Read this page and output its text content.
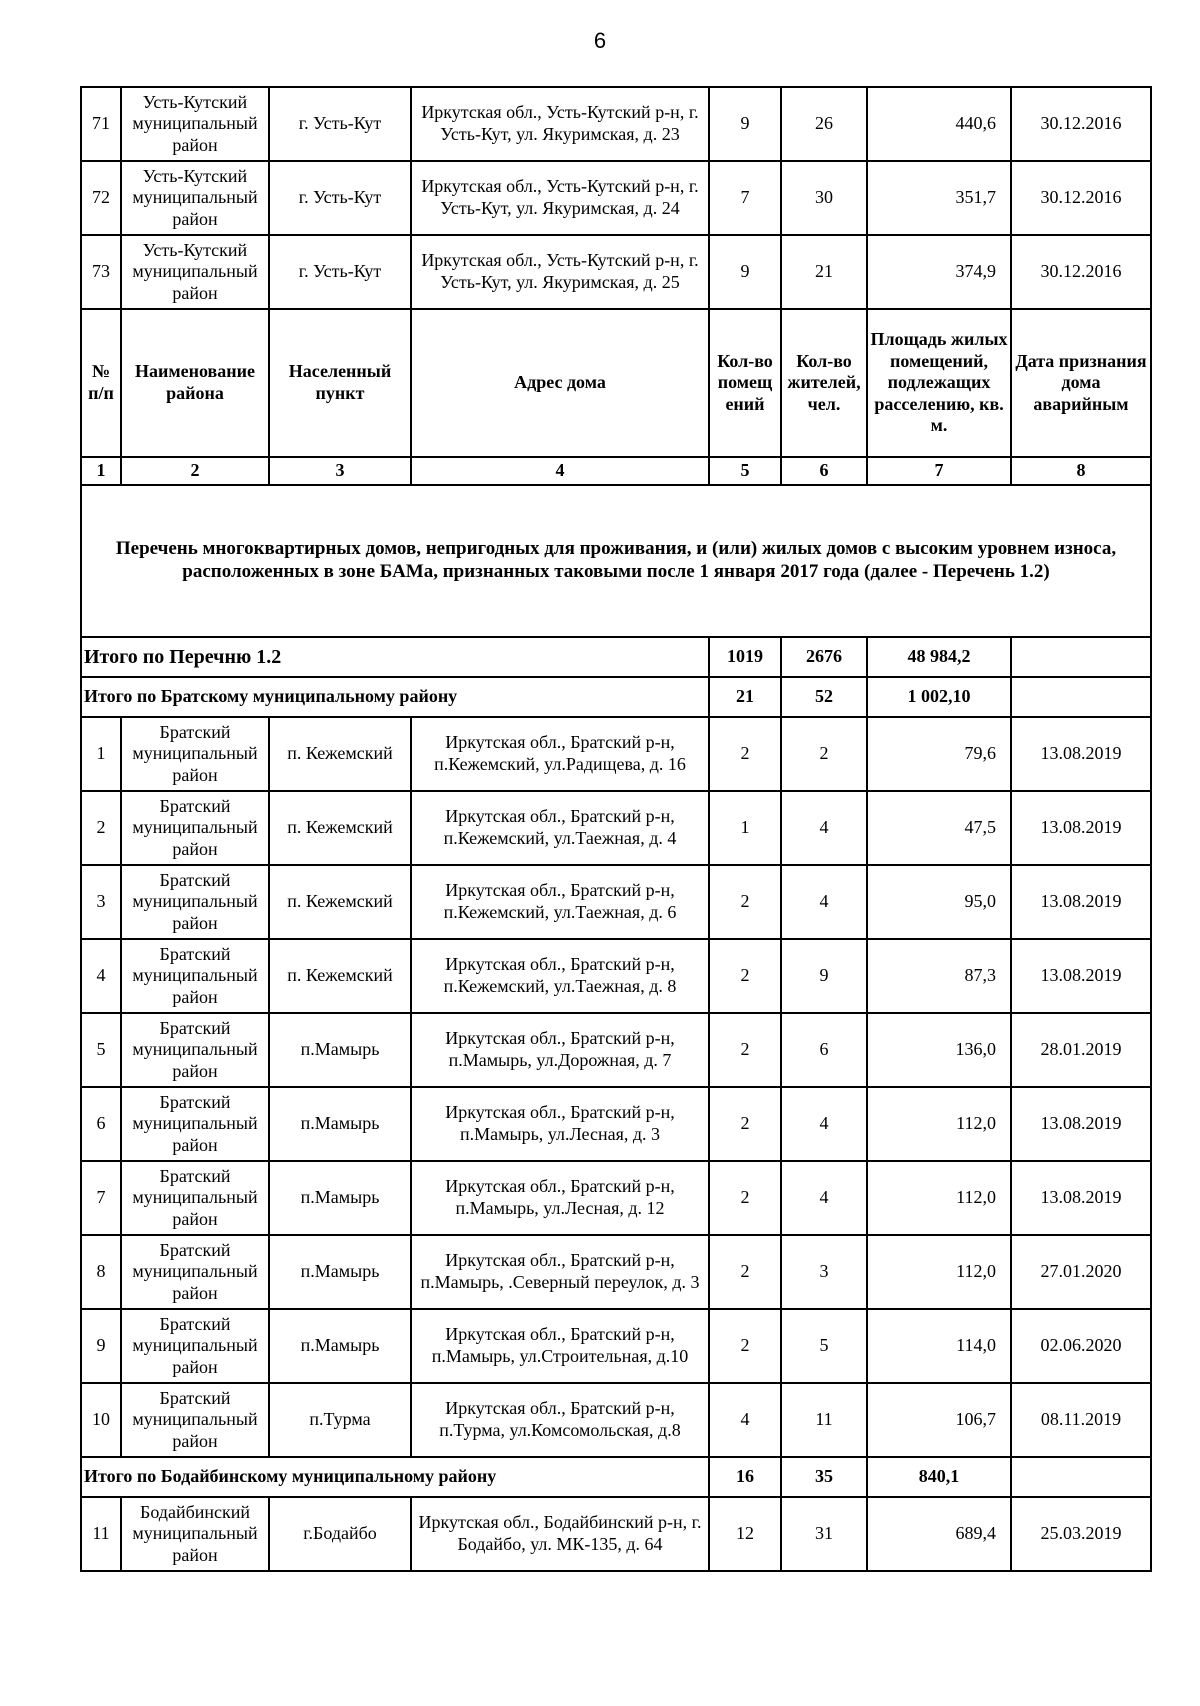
6
71	Усть-Кутский муниципальный район	г. Усть-Кут	Иркутская обл., Усть-Кутский р-н, г. Усть-Кут, ул. Якуримская, д. 23	9	26	440,6	30.12.2016
72	Усть-Кутский муниципальный район	г. Усть-Кут	Иркутская обл., Усть-Кутский р-н, г. Усть-Кут, ул. Якуримская, д. 24	7	30	351,7	30.12.2016
73	Усть-Кутский муниципальный район	г. Усть-Кут	Иркутская обл., Усть-Кутский р-н, г. Усть-Кут, ул. Якуримская, д. 25	9	21	374,9	30.12.2016
№ п/п	Наименование района	Населенный пункт	Адрес дома	Кол-во помещ ений	Кол-во жителей, чел.	Площадь жилых помещений, подлежащих расселению, кв. м.	Дата признания дома аварийным
1	2	3	4	5	6	7	8
Перечень многоквартирных домов, непригодных для проживания, и (или) жилых домов с высоким уровнем износа, расположенных в зоне БАМа, признанных таковыми после 1 января 2017 года (далее - Перечень 1.2)							
Итого по Перечню 1.2				1019	2676	48 984,2	
Итого по Братскому муниципальному району				21	52	1 002,10	
1	Братский муниципальный район	п. Кежемский	Иркутская обл., Братский р-н, п.Кежемский, ул.Радищева, д. 16	2	2	79,6	13.08.2019
2	Братский муниципальный район	п. Кежемский	Иркутская обл., Братский р-н, п.Кежемский, ул.Таежная, д. 4	1	4	47,5	13.08.2019
3	Братский муниципальный район	п. Кежемский	Иркутская обл., Братский р-н, п.Кежемский, ул.Таежная, д. 6	2	4	95,0	13.08.2019
4	Братский муниципальный район	п. Кежемский	Иркутская обл., Братский р-н, п.Кежемский, ул.Таежная, д. 8	2	9	87,3	13.08.2019
5	Братский муниципальный район	п.Мамырь	Иркутская обл., Братский р-н, п.Мамырь, ул.Дорожная, д. 7	2	6	136,0	28.01.2019
6	Братский муниципальный район	п.Мамырь	Иркутская обл., Братский р-н, п.Мамырь, ул.Лесная, д. 3	2	4	112,0	13.08.2019
7	Братский муниципальный район	п.Мамырь	Иркутская обл., Братский р-н, п.Мамырь, ул.Лесная, д. 12	2	4	112,0	13.08.2019
8	Братский муниципальный район	п.Мамырь	Иркутская обл., Братский р-н, п.Мамырь, .Северный переулок, д. 3	2	3	112,0	27.01.2020
9	Братский муниципальный район	п.Мамырь	Иркутская обл., Братский р-н, п.Мамырь, ул.Строительная, д.10	2	5	114,0	02.06.2020
10	Братский муниципальный район	п.Турма	Иркутская обл., Братский р-н, п.Турма, ул.Комсомольская, д.8	4	11	106,7	08.11.2019
Итого по Бодайбинскому муниципальному району				16	35	840,1	
11	Бодайбинский муниципальный район	г.Бодайбо	Иркутская обл., Бодайбинский р-н, г. Бодайбо, ул. МК-135, д. 64	12	31	689,4	25.03.2019
